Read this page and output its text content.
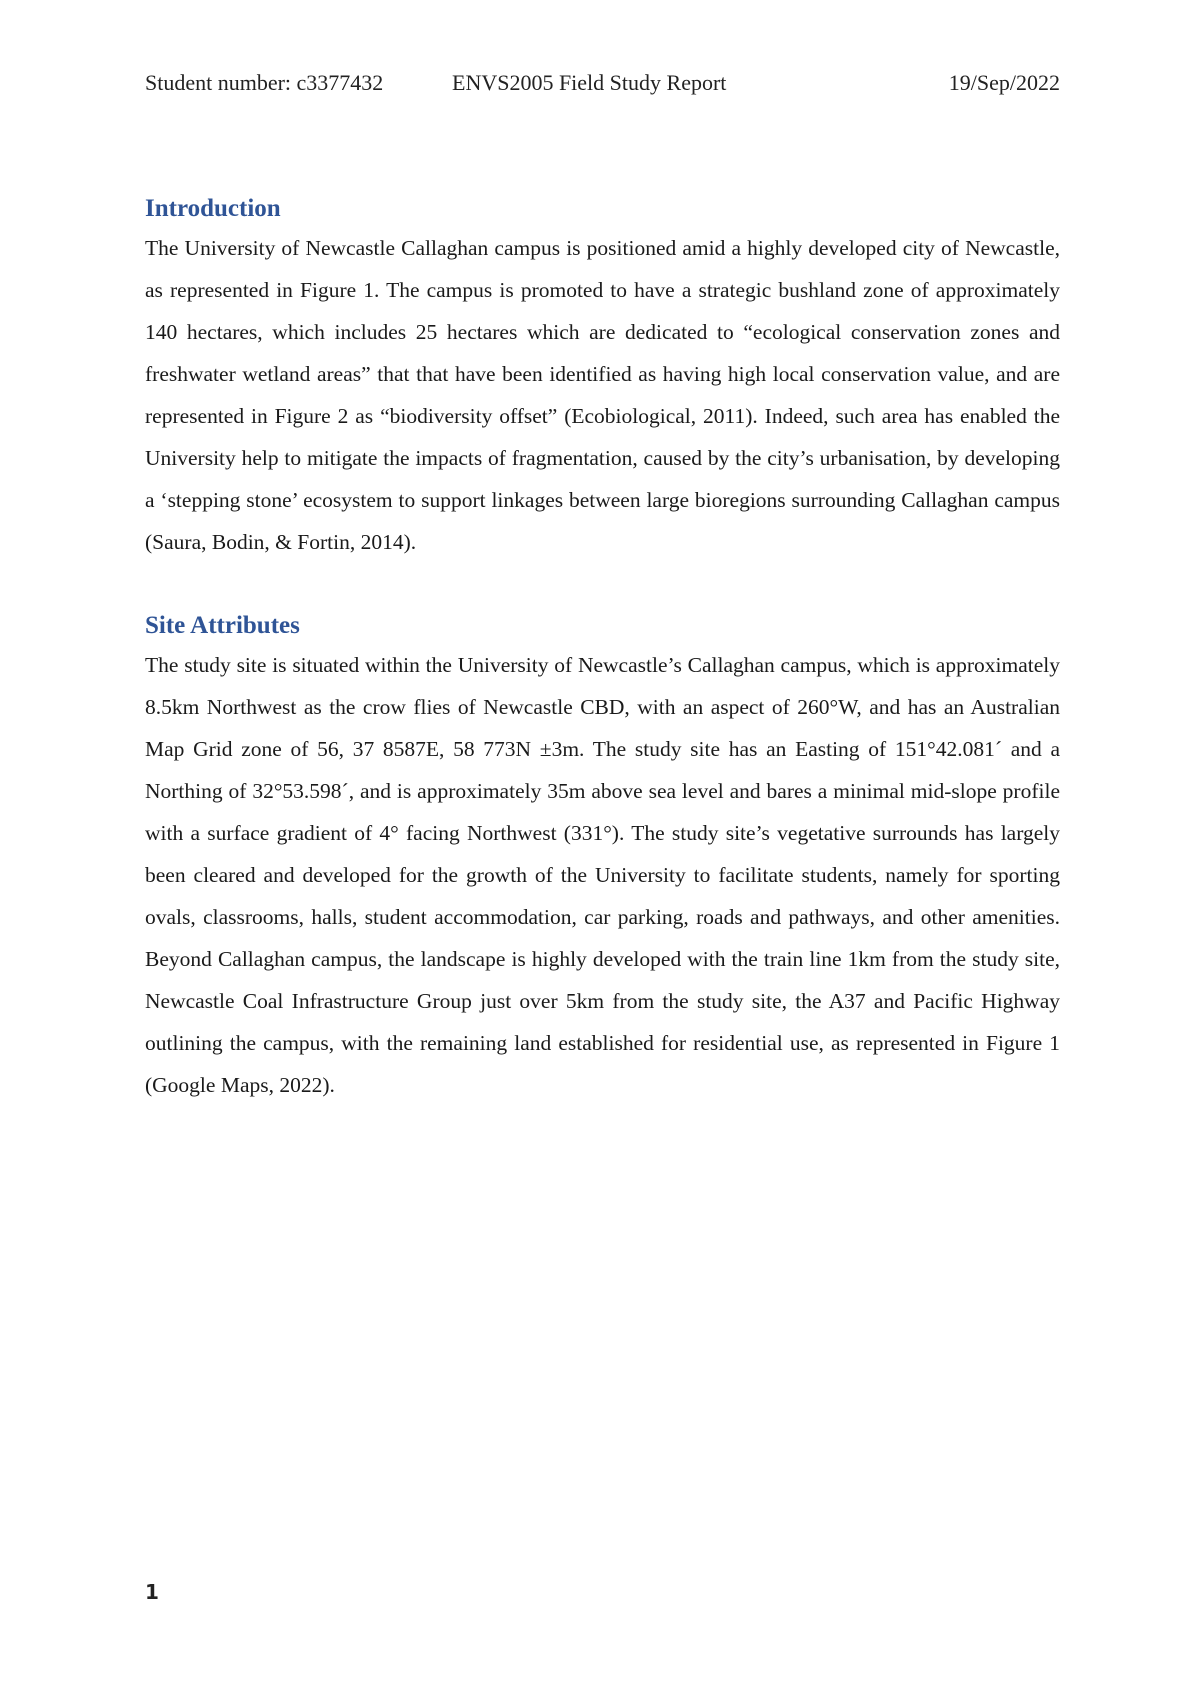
Student number: c3377432	ENVS2005 Field Study Report	19/Sep/2022
Introduction

The University of Newcastle Callaghan campus is positioned amid a highly developed city of Newcastle, as represented in Figure 1. The campus is promoted to have a strategic bushland zone of approximately 140 hectares, which includes 25 hectares which are dedicated to “ecological conservation zones and freshwater wetland areas” that that have been identified as having high local conservation value, and are represented in Figure 2 as “biodiversity offset” (Ecobiological, 2011). Indeed, such area has enabled the University help to mitigate the impacts of fragmentation, caused by the city’s urbanisation, by developing a ‘stepping stone’ ecosystem to support linkages between large bioregions surrounding Callaghan campus (Saura, Bodin, & Fortin, 2014).

Site Attributes

The study site is situated within the University of Newcastle’s Callaghan campus, which is approximately 8.5km Northwest as the crow flies of Newcastle CBD, with an aspect of 260°W, and has an Australian Map Grid zone of 56, 37 8587E, 58 773N ±3m. The study site has an Easting of 151°42.081´ and a Northing of 32°53.598´, and is approximately 35m above sea level and bares a minimal mid-slope profile with a surface gradient of 4° facing Northwest (331°). The study site’s vegetative surrounds has largely been cleared and developed for the growth of the University to facilitate students, namely for sporting ovals, classrooms, halls, student accommodation, car parking, roads and pathways, and other amenities. Beyond Callaghan campus, the landscape is highly developed with the train line 1km from the study site, Newcastle Coal Infrastructure Group just over 5km from the study site, the A37 and Pacific Highway outlining the campus, with the remaining land established for residential use, as represented in Figure 1 (Google Maps, 2022).

1
